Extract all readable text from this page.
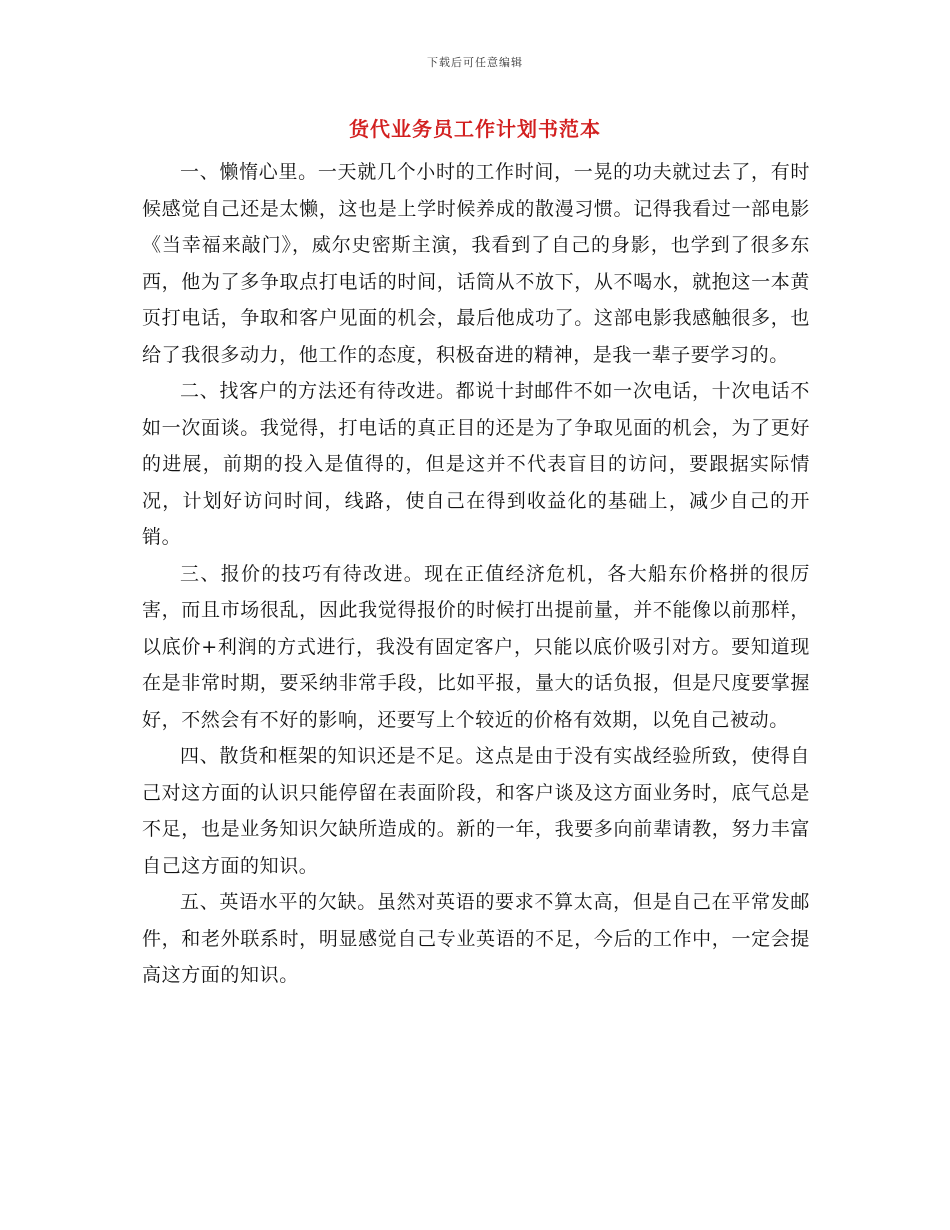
下载后可任意编辑
货代业务员工作计划书范本

一、懒惰心里。一天就几个小时的工作时间，一晃的功夫就过去了，有时候感觉自己还是太懒，这也是上学时候养成的散漫习惯。记得我看过一部电影《当幸福来敲门》，威尔史密斯主演，我看到了自己的身影，也学到了很多东西，他为了多争取点打电话的时间，话筒从不放下，从不喝水，就抱这一本黄页打电话，争取和客户见面的机会，最后他成功了。这部电影我感触很多，也给了我很多动力，他工作的态度，积极奋进的精神，是我一辈子要学习的。

二、找客户的方法还有待改进。都说十封邮件不如一次电话，十次电话不如一次面谈。我觉得，打电话的真正目的还是为了争取见面的机会，为了更好的进展，前期的投入是值得的，但是这并不代表盲目的访问，要跟据实际情况，计划好访问时间，线路，使自己在得到收益化的基础上，减少自己的开销。

三、报价的技巧有待改进。现在正值经济危机，各大船东价格拼的很厉害，而且市场很乱，因此我觉得报价的时候打出提前量，并不能像以前那样，以底价+利润的方式进行，我没有固定客户，只能以底价吸引对方。要知道现在是非常时期，要采纳非常手段，比如平报，量大的话负报，但是尺度要掌握好，不然会有不好的影响，还要写上个较近的价格有效期，以免自己被动。

四、散货和框架的知识还是不足。这点是由于没有实战经验所致，使得自己对这方面的认识只能停留在表面阶段，和客户谈及这方面业务时，底气总是不足，也是业务知识欠缺所造成的。新的一年，我要多向前辈请教，努力丰富自己这方面的知识。

五、英语水平的欠缺。虽然对英语的要求不算太高，但是自己在平常发邮件，和老外联系时，明显感觉自己专业英语的不足，今后的工作中，一定会提高这方面的知识。
